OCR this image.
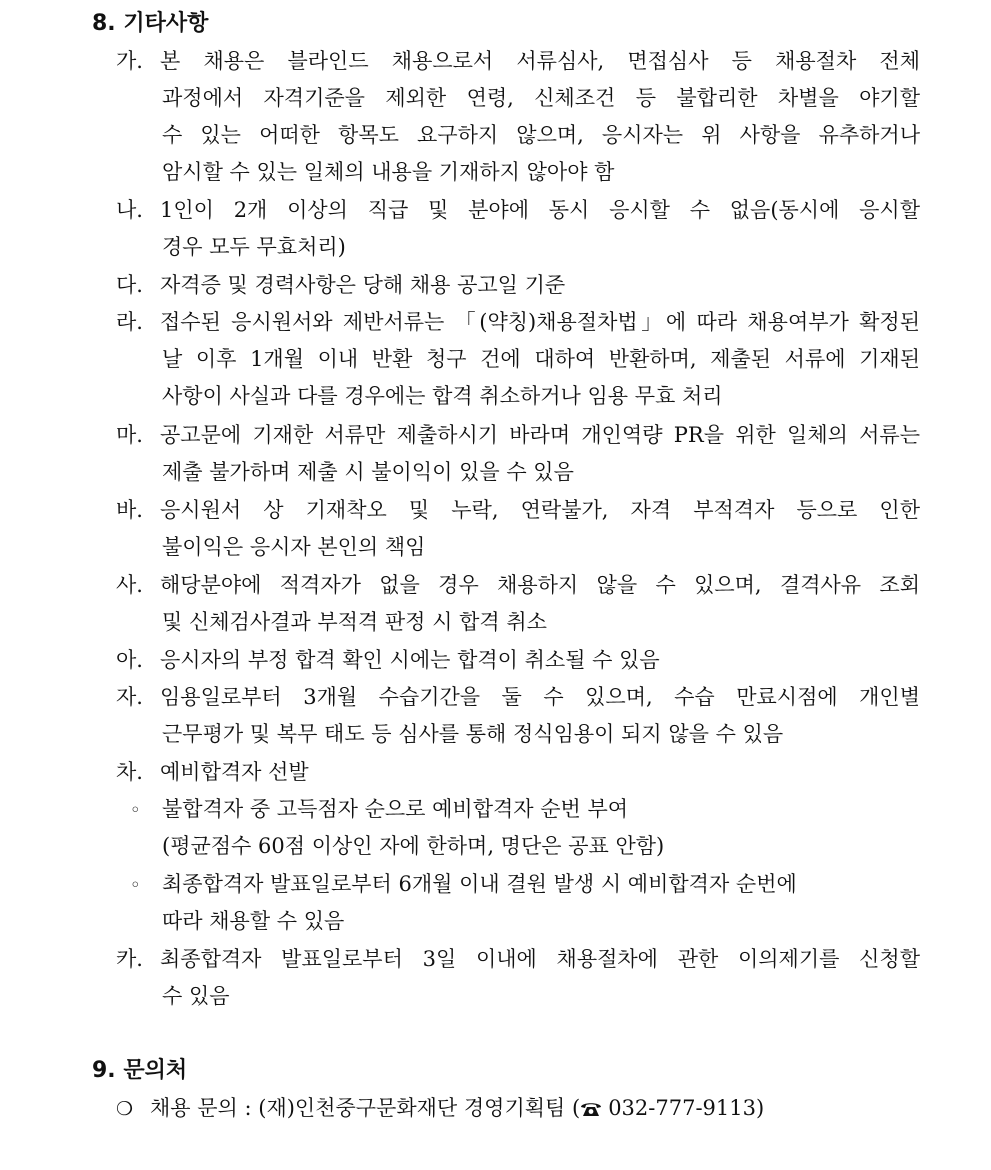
8. 기타사항
가. 본 채용은 블라인드 채용으로서 서류심사, 면접심사 등 채용절차 전체
과정에서 자격기준을 제외한 연령, 신체조건 등 불합리한 차별을 야기할
수 있는 어떠한 항목도 요구하지 않으며, 응시자는 위 사항을 유추하거나
암시할 수 있는 일체의 내용을 기재하지 않아야 함
나. 1인이 2개 이상의 직급 및 분야에 동시 응시할 수 없음(동시에 응시할
경우 모두 무효처리)
다. 자격증 및 경력사항은 당해 채용 공고일 기준
라. 접수된 응시원서와 제반서류는 「(약칭)채용절차법」에 따라 채용여부가 확정된
날 이후 1개월 이내 반환 청구 건에 대하여 반환하며, 제출된 서류에 기재된
사항이 사실과 다를 경우에는 합격 취소하거나 임용 무효 처리
마. 공고문에 기재한 서류만 제출하시기 바라며 개인역량 PR을 위한 일체의 서류는
제출 불가하며 제출 시 불이익이 있을 수 있음
바. 응시원서 상 기재착오 및 누락, 연락불가, 자격 부적격자 등으로 인한
불이익은 응시자 본인의 책임
사. 해당분야에 적격자가 없을 경우 채용하지 않을 수 있으며, 결격사유 조회
및 신체검사결과 부적격 판정 시 합격 취소
아. 응시자의 부정 합격 확인 시에는 합격이 취소될 수 있음
자. 임용일로부터 3개월 수습기간을 둘 수 있으며, 수습 만료시점에 개인별
근무평가 및 복무 태도 등 심사를 통해 정식임용이 되지 않을 수 있음
차. 예비합격자 선발
◦ 불합격자 중 고득점자 순으로 예비합격자 순번 부여
(평균점수 60점 이상인 자에 한하며, 명단은 공표 안함)
◦ 최종합격자 발표일로부터 6개월 이내 결원 발생 시 예비합격자 순번에
따라 채용할 수 있음
카. 최종합격자 발표일로부터 3일 이내에 채용절차에 관한 이의제기를 신청할
수 있음
9. 문의처
❍ 채용 문의 : (재)인천중구문화재단 경영기획팀 ( 032-777-9113)
